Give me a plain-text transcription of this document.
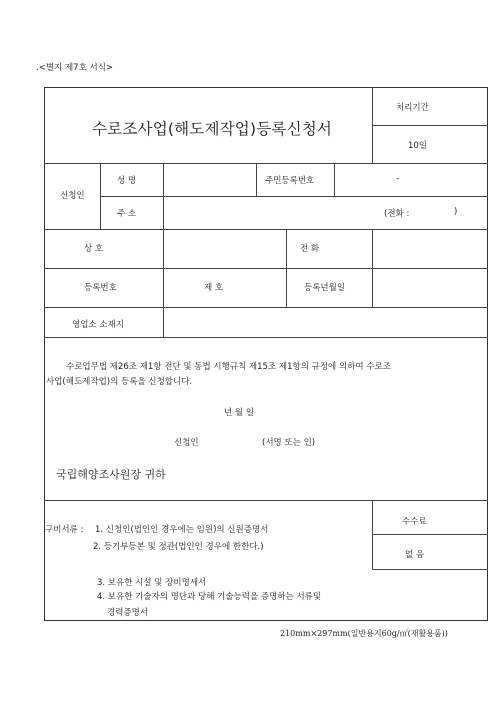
.<별지 제7호 서식>
수로조사업(해도제작업)등록신청서
처리기간
10일
신청인
성 명	주민등록번호	-
주 소	(전화 :	)
상 호	전 화
등록번호	제 호	등록년월일
영업소 소재지
수로업무법 제26조 제1항 전단 및 동법 시행규칙 제15조 제1항의 규정에 의하여 수로조
사업(해도제작업)의 등록을 신청합니다.
년 월 일
신청인	(서명 또는 인)
국립해양조사원장 귀하
구비서류 : 1. 신청인(법인인 경우에는 임원)의 신원증명서
2. 등기부등본 및 정관(법인인 경우에 한한다.)
3. 보유한 시설 및 장비명세서
4. 보유한 기술자의 명단과 당해 기술능력을 증명하는 서류및
경력증명서
수수료
없 음
210mm×297mm(일반용지60g/㎡(재활용품))
